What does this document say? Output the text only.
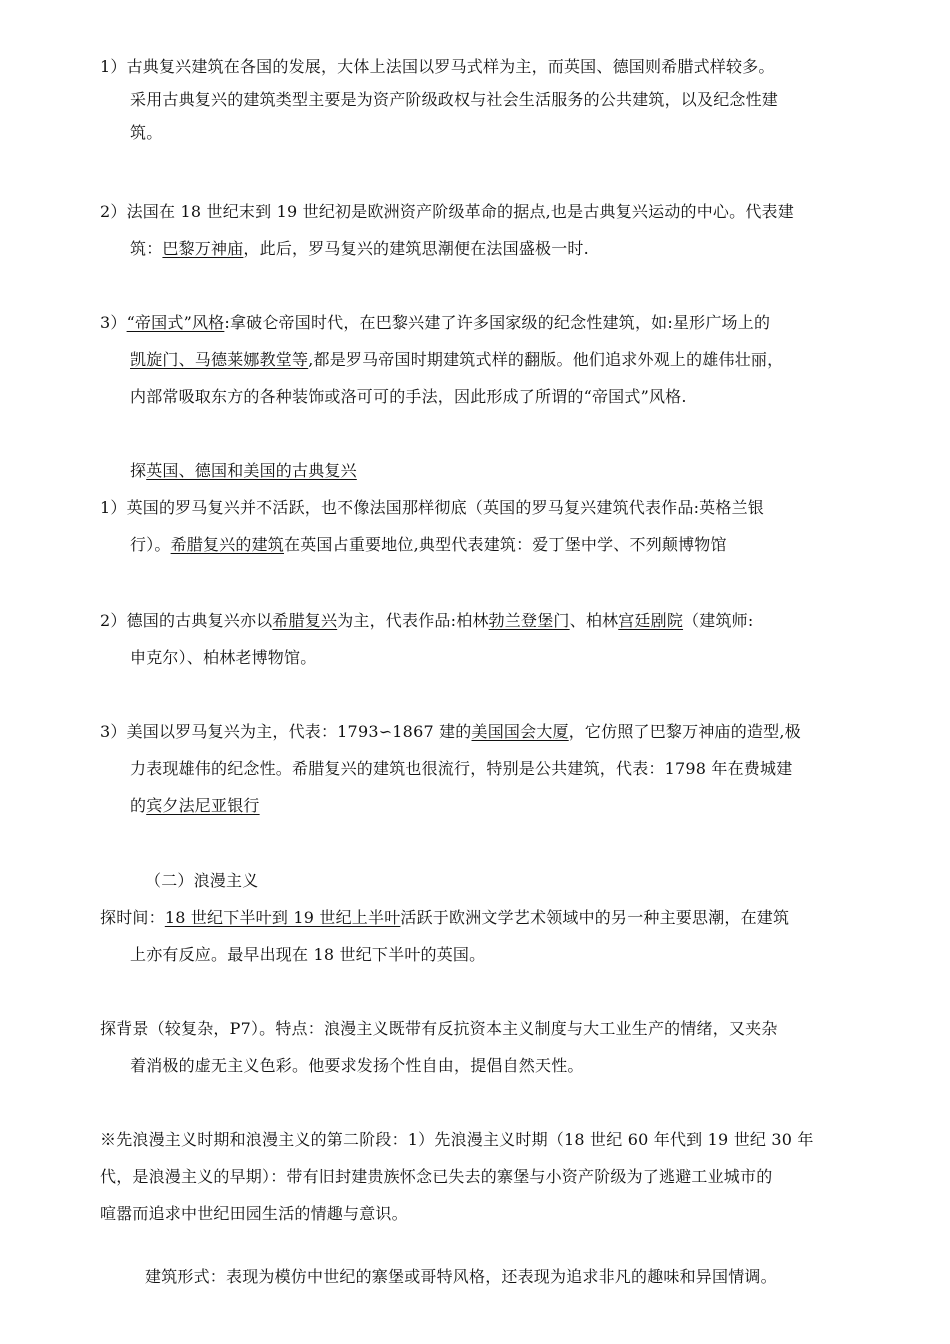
1）古典复兴建筑在各国的发展，大体上法国以罗马式样为主，而英国、德国则希腊式样较多。
采用古典复兴的建筑类型主要是为资产阶级政权与社会生活服务的公共建筑，以及纪念性建
筑。
2）法国在 18 世纪末到 19 世纪初是欧洲资产阶级革命的据点,也是古典复兴运动的中心。代表建
筑：巴黎万神庙，此后，罗马复兴的建筑思潮便在法国盛极一时.
3）“帝国式”风格:拿破仑帝国时代，在巴黎兴建了许多国家级的纪念性建筑，如:星形广场上的
凯旋门、马德莱娜教堂等,都是罗马帝国时期建筑式样的翻版。他们追求外观上的雄伟壮丽，
内部常吸取东方的各种装饰或洛可可的手法，因此形成了所谓的“帝国式”风格.
探英国、德国和美国的古典复兴
1）英国的罗马复兴并不活跃，也不像法国那样彻底（英国的罗马复兴建筑代表作品:英格兰银
行）。希腊复兴的建筑在英国占重要地位,典型代表建筑：爱丁堡中学、不列颠博物馆
2）德国的古典复兴亦以希腊复兴为主，代表作品:柏林勃兰登堡门、柏林宫廷剧院（建筑师:
申克尔）、柏林老博物馆。
3）美国以罗马复兴为主，代表：1793∽1867 建的美国国会大厦，它仿照了巴黎万神庙的造型,极
力表现雄伟的纪念性。希腊复兴的建筑也很流行，特别是公共建筑，代表：1798 年在费城建
的宾夕法尼亚银行
（二）浪漫主义
探时间：18 世纪下半叶到 19 世纪上半叶活跃于欧洲文学艺术领域中的另一种主要思潮，在建筑
上亦有反应。最早出现在 18 世纪下半叶的英国。
探背景（较复杂，P7）。特点：浪漫主义既带有反抗资本主义制度与大工业生产的情绪，又夹杂
着消极的虚无主义色彩。他要求发扬个性自由，提倡自然天性。
※先浪漫主义时期和浪漫主义的第二阶段：1）先浪漫主义时期（18 世纪 60 年代到 19 世纪 30 年
代，是浪漫主义的早期）：带有旧封建贵族怀念已失去的寨堡与小资产阶级为了逃避工业城市的
喧嚣而追求中世纪田园生活的情趣与意识。
建筑形式：表现为模仿中世纪的寨堡或哥特风格，还表现为追求非凡的趣味和异国情调。
